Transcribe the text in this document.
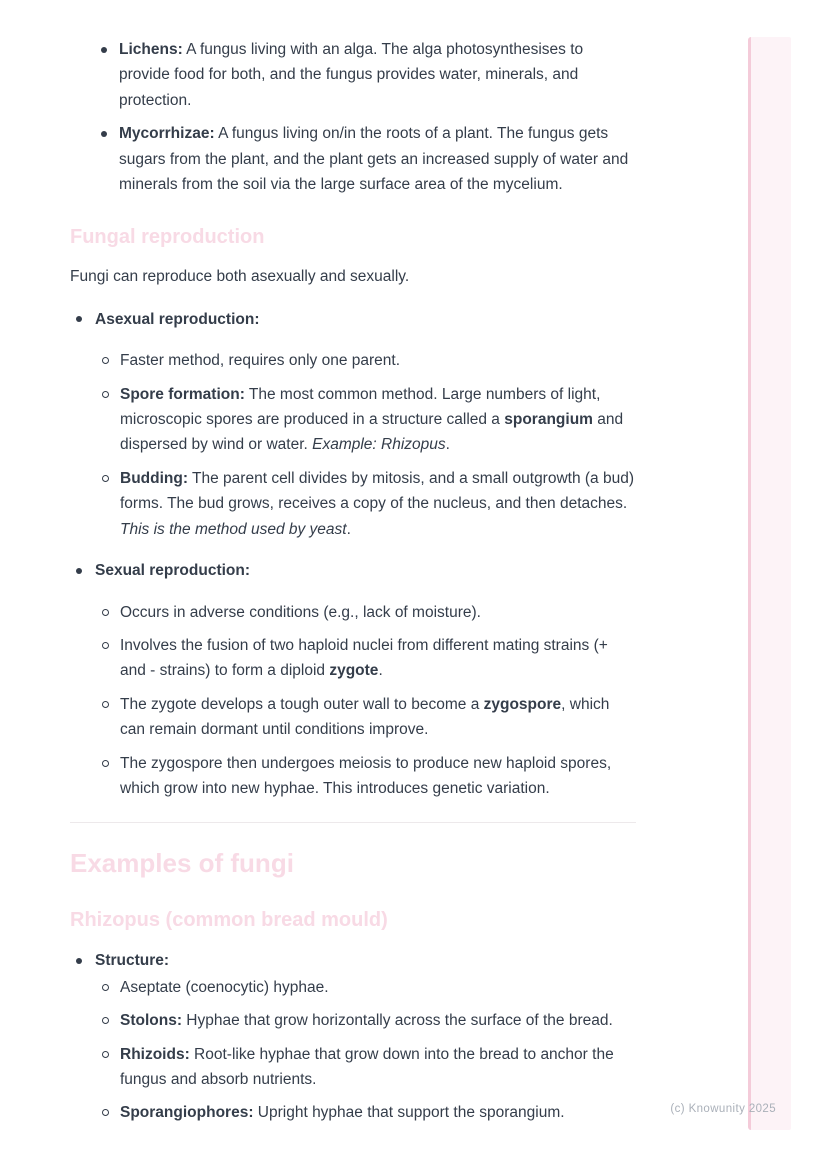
Lichens: A fungus living with an alga. The alga photosynthesises to provide food for both, and the fungus provides water, minerals, and protection.
Mycorrhizae: A fungus living on/in the roots of a plant. The fungus gets sugars from the plant, and the plant gets an increased supply of water and minerals from the soil via the large surface area of the mycelium.
Fungal reproduction

Fungi can reproduce both asexually and sexually.

Asexual reproduction:
Faster method, requires only one parent.
Spore formation: The most common method. Large numbers of light, microscopic spores are produced in a structure called a sporangium and dispersed by wind or water. Example: Rhizopus.
Budding: The parent cell divides by mitosis, and a small outgrowth (a bud) forms. The bud grows, receives a copy of the nucleus, and then detaches. This is the method used by yeast.
Sexual reproduction:
Occurs in adverse conditions (e.g., lack of moisture).
Involves the fusion of two haploid nuclei from different mating strains (+ and - strains) to form a diploid zygote.
The zygote develops a tough outer wall to become a zygospore, which can remain dormant until conditions improve.
The zygospore then undergoes meiosis to produce new haploid spores, which grow into new hyphae. This introduces genetic variation.
Examples of fungi
Rhizopus (common bread mould)
Structure:
Aseptate (coenocytic) hyphae.
Stolons: Hyphae that grow horizontally across the surface of the bread.
Rhizoids: Root-like hyphae that grow down into the bread to anchor the fungus and absorb nutrients.
Sporangiophores: Upright hyphae that support the sporangium.	(c) Knowunity 2025
